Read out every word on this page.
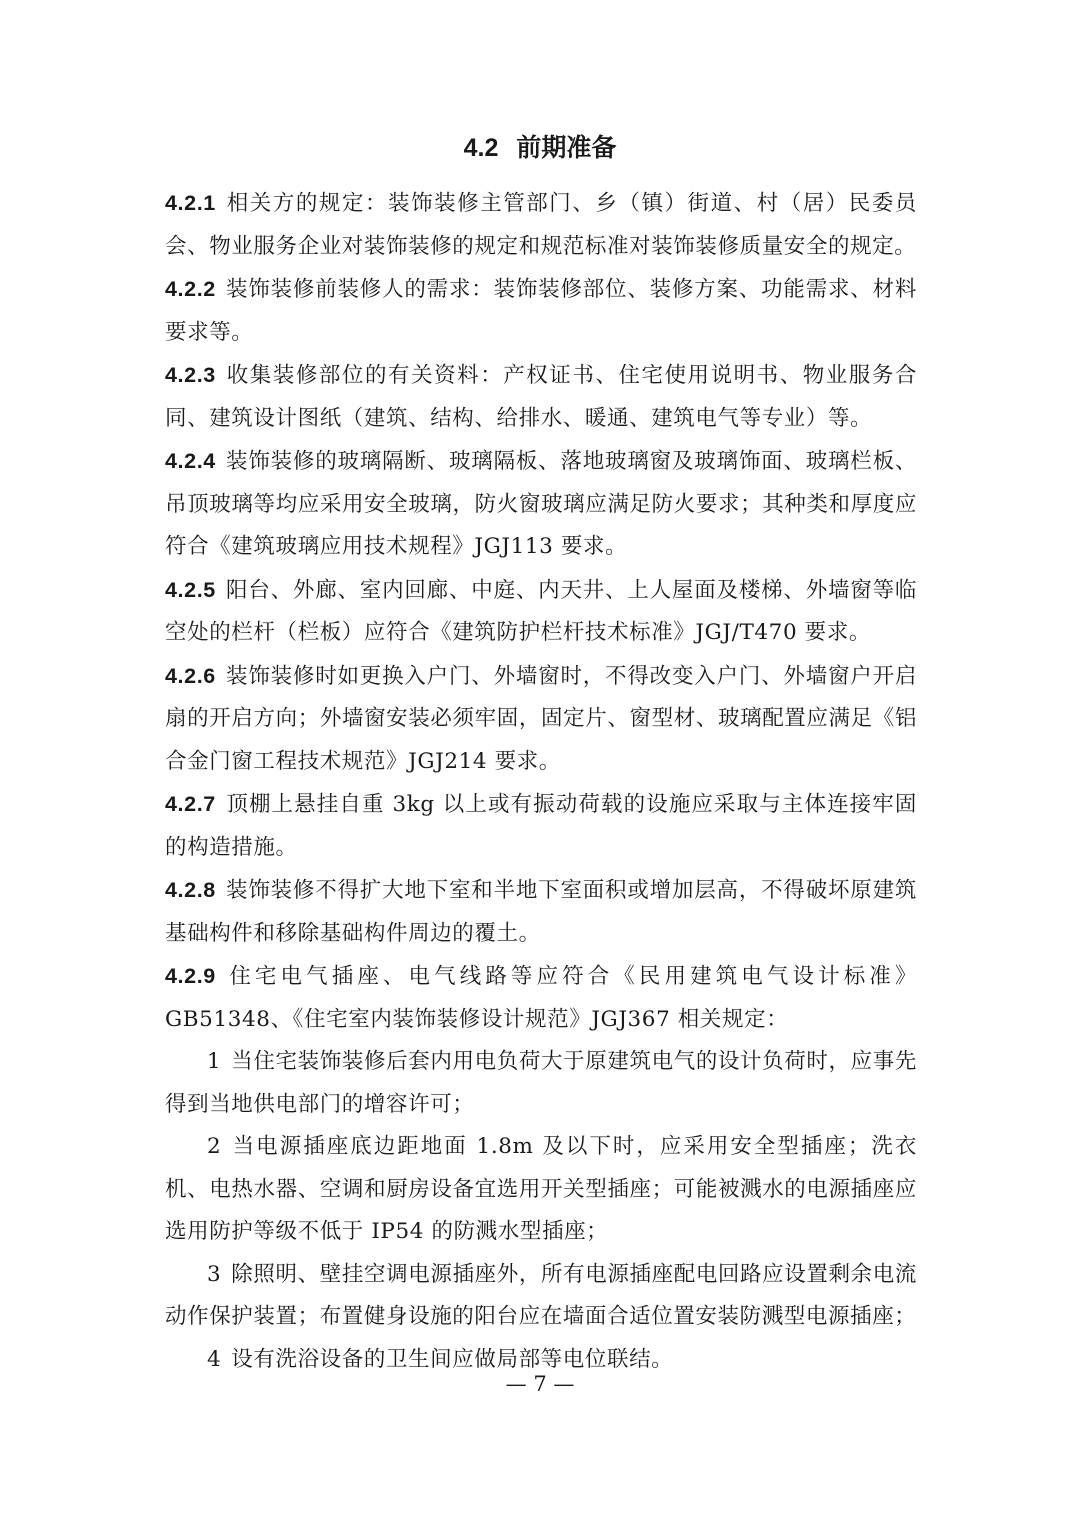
4.2 前期准备

4.2.1 相关方的规定：装饰装修主管部门、乡（镇）街道、村（居）民委员会、物业服务企业对装饰装修的规定和规范标准对装饰装修质量安全的规定。

4.2.2 装饰装修前装修人的需求：装饰装修部位、装修方案、功能需求、材料要求等。

4.2.3 收集装修部位的有关资料：产权证书、住宅使用说明书、物业服务合同、建筑设计图纸（建筑、结构、给排水、暖通、建筑电气等专业）等。

4.2.4 装饰装修的玻璃隔断、玻璃隔板、落地玻璃窗及玻璃饰面、玻璃栏板、吊顶玻璃等均应采用安全玻璃，防火窗玻璃应满足防火要求；其种类和厚度应符合《建筑玻璃应用技术规程》JGJ113 要求。

4.2.5 阳台、外廊、室内回廊、中庭、内天井、上人屋面及楼梯、外墙窗等临空处的栏杆（栏板）应符合《建筑防护栏杆技术标准》JGJ/T470 要求。

4.2.6 装饰装修时如更换入户门、外墙窗时，不得改变入户门、外墙窗户开启扇的开启方向；外墙窗安装必须牢固，固定片、窗型材、玻璃配置应满足《铝合金门窗工程技术规范》JGJ214 要求。

4.2.7 顶棚上悬挂自重 3kg 以上或有振动荷载的设施应采取与主体连接牢固的构造措施。

4.2.8 装饰装修不得扩大地下室和半地下室面积或增加层高，不得破坏原建筑基础构件和移除基础构件周边的覆土。

4.2.9 住宅电气插座、电气线路等应符合《民用建筑电气设计标准》GB51348、《住宅室内装饰装修设计规范》JGJ367 相关规定：

1 当住宅装饰装修后套内用电负荷大于原建筑电气的设计负荷时，应事先得到当地供电部门的增容许可；

2 当电源插座底边距地面 1.8m 及以下时，应采用安全型插座；洗衣机、电热水器、空调和厨房设备宜选用开关型插座；可能被溅水的电源插座应选用防护等级不低于 IP54 的防溅水型插座；

3 除照明、壁挂空调电源插座外，所有电源插座配电回路应设置剩余电流动作保护装置；布置健身设施的阳台应在墙面合适位置安装防溅型电源插座；

4 设有洗浴设备的卫生间应做局部等电位联结。

— 7 —
